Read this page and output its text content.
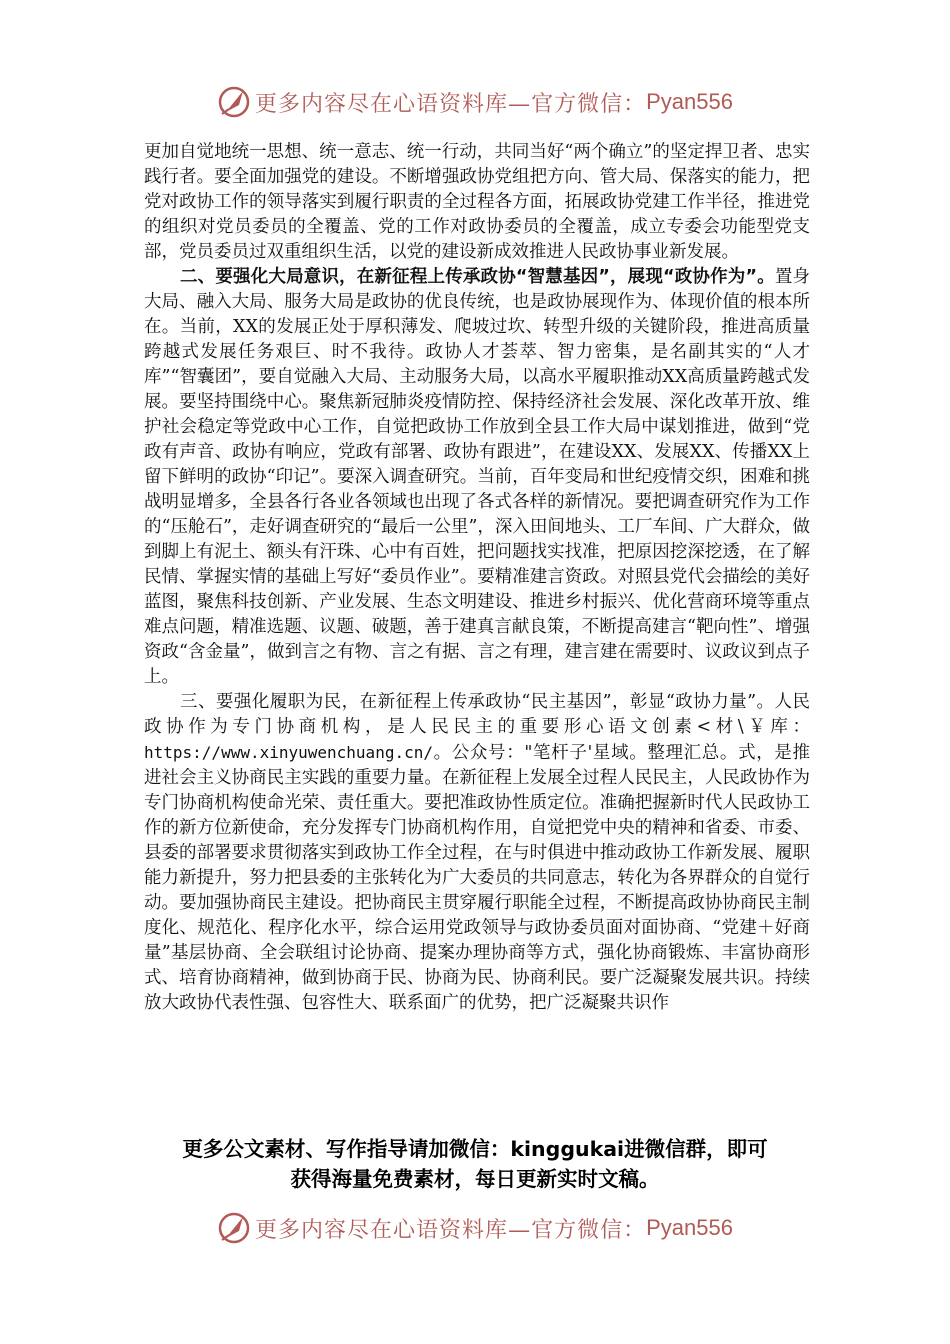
更多内容尽在心语资料库 —官方微信： Pyan556

更加自觉地统一思想、统一意志、统一行动，共同当好“两个确立”的坚定捍卫者、忠实践行者。要全面加强党的建设。不断增强政协党组把方向、管大局、保落实的能力，把党对政协工作的领导落实到履行职责的全过程各方面，拓展政协党建工作半径，推进党的组织对党员委员的全覆盖、党的工作对政协委员的全覆盖，成立专委会功能型党支部，党员委员过双重组织生活，以党的建设新成效推进人民政协事业新发展。

二、要强化大局意识，在新征程上传承政协“智慧基因”，展现“政协作为”。置身大局、融入大局、服务大局是政协的优良传统，也是政协展现作为、体现价值的根本所在。当前，XX的发展正处于厚积薄发、爬坡过坎、转型升级的关键阶段，推进高质量跨越式发展任务艰巨、时不我待。政协人才荟萃、智力密集，是名副其实的“人才库”“智囊团”，要自觉融入大局、主动服务大局，以高水平履职推动XX高质量跨越式发展。要坚持围绕中心。聚焦新冠肺炎疫情防控、保持经济社会发展、深化改革开放、维护社会稳定等党政中心工作，自觉把政协工作放到全县工作大局中谋划推进，做到“党政有声音、政协有响应，党政有部署、政协有跟进”，在建设XX、发展XX、传播XX上留下鲜明的政协“印记”。要深入调查研究。当前，百年变局和世纪疫情交织，困难和挑战明显增多，全县各行各业各领域也出现了各式各样的新情况。要把调查研究作为工作的“压舱石”，走好调查研究的“最后一公里”，深入田间地头、工厂车间、广大群众，做到脚上有泥土、额头有汗珠、心中有百姓，把问题找实找准，把原因挖深挖透，在了解民情、掌握实情的基础上写好“委员作业”。要精准建言资政。对照县党代会描绘的美好蓝图，聚焦科技创新、产业发展、生态文明建设、推进乡村振兴、优化营商环境等重点难点问题，精准选题、议题、破题，善于建真言献良策，不断提高建言“靶向性”、增强资政“含金量”，做到言之有物、言之有据、言之有理，建言建在需要时、议政议到点子上。

三、要强化履职为民，在新征程上传承政协“民主基因”，彰显“政协力量”。人民政协作为专门协商机构，是人民民主的重要形心语文创素<材\￥库：https://www.xinyuwenchuang.cn/。公众号："笔杆子'星域。整理汇总。式，是推进社会主义协商民主实践的重要力量。在新征程上发展全过程人民民主，人民政协作为专门协商机构使命光荣、责任重大。要把准政协性质定位。准确把握新时代人民政协工作的新方位新使命，充分发挥专门协商机构作用，自觉把党中央的精神和省委、市委、县委的部署要求贯彻落实到政协工作全过程，在与时俱进中推动政协工作新发展、履职能力新提升，努力把县委的主张转化为广大委员的共同意志，转化为各界群众的自觉行动。要加强协商民主建设。把协商民主贯穿履行职能全过程，不断提高政协协商民主制度化、规范化、程序化水平，综合运用党政领导与政协委员面对面协商、“党建＋好商量”基层协商、全会联组讨论协商、提案办理协商等方式，强化协商锻炼、丰富协商形式、培育协商精神，做到协商于民、协商为民、协商利民。要广泛凝聚发展共识。持续放大政协代表性强、包容性大、联系面广的优势，把广泛凝聚共识作

更多公文素材、写作指导请加微信：kinggukai进微信群，即可
获得海量免费素材，每日更新实时文稿。
更多内容尽在心语资料库 —官方微信： Pyan556
